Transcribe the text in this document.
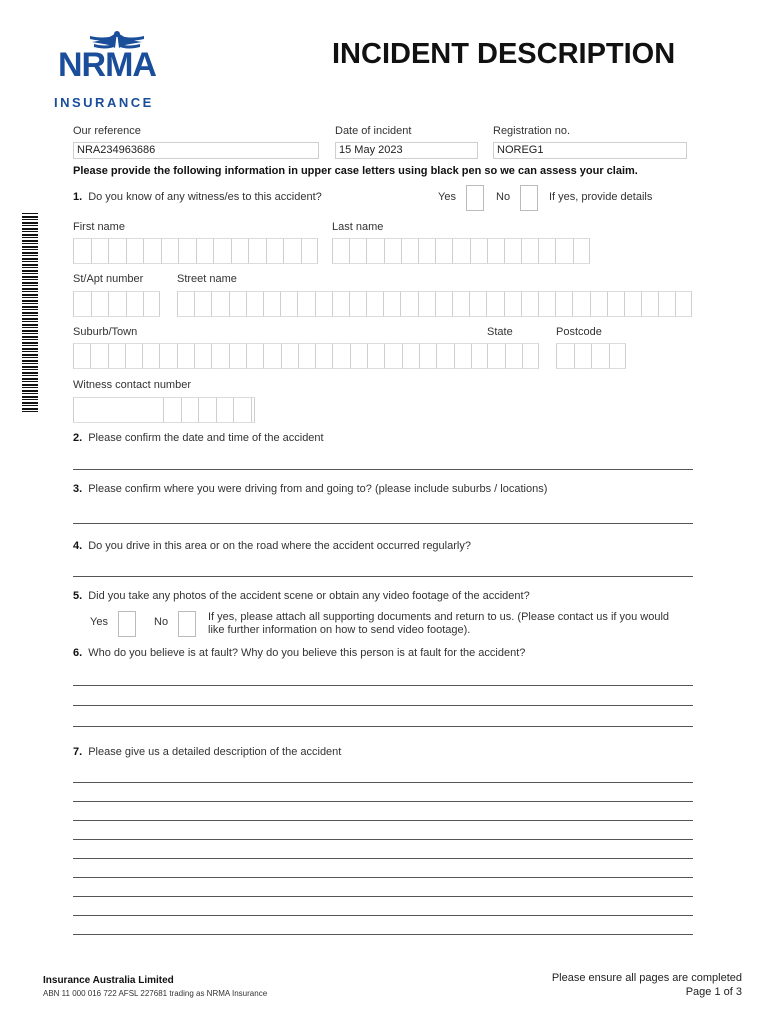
NRMA
INSURANCE
INCIDENT DESCRIPTION
Our reference
NRA234963686
Date of incident
15 May 2023
Registration no.
NOREG1
Please provide the following information in upper case letters using black pen so we can assess your claim.
1. Do you know of any witness/es to this accident?	Yes	No	If yes, provide details
First name	Last name
St/Apt number	Street name
Suburb/Town	State	Postcode
Witness contact number
2. Please confirm the date and time of the accident
3. Please confirm where you were driving from and going to? (please include suburbs / locations)
4. Do you drive in this area or on the road where the accident occurred regularly?
5. Did you take any photos of the accident scene or obtain any video footage of the accident?
Yes	No	If yes, please attach all supporting documents and return to us. (Please contact us if you would
like further information on how to send video footage).
6. Who do you believe is at fault? Why do you believe this person is at fault for the accident?
7. Please give us a detailed description of the accident
Insurance Australia Limited
ABN 11 000 016 722 AFSL 227681 trading as NRMA Insurance
Please ensure all pages are completed
Page 1 of 3
